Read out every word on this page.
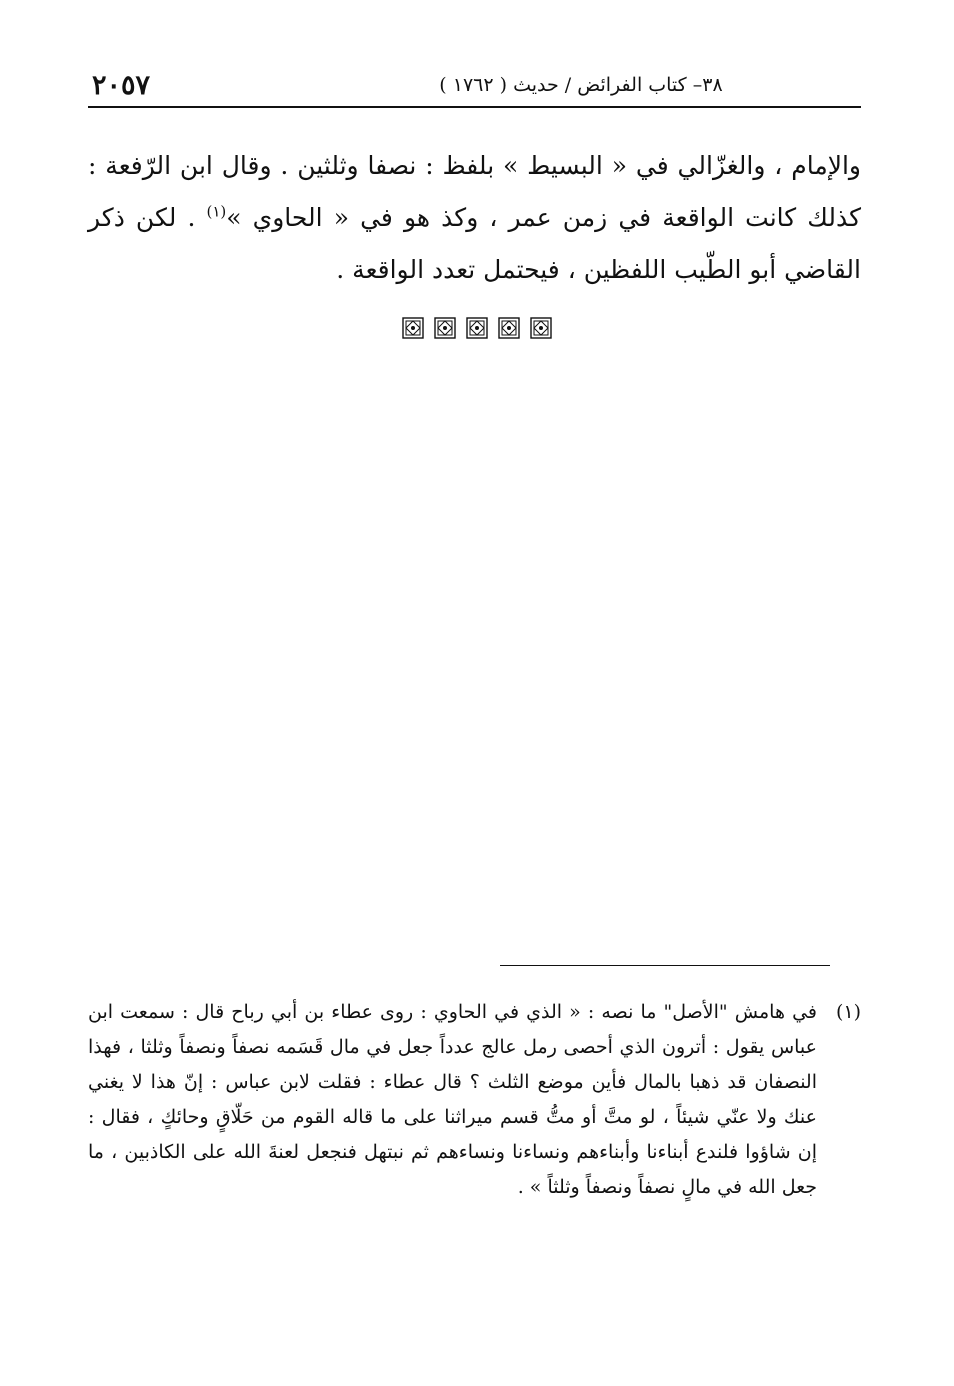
٢٠٥٧	٣٨– كتاب الفرائض / حديث ( ١٧٦٢ )

والإمام ، والغزّالي في « البسيط » بلفظ : نصفا وثلثين . وقال ابن الرّفعة : كذلك كانت الواقعة في زمن عمر ، وكذ هو في « الحاوي »$^{(١)}$ . لكن ذكر القاضي أبو الطّيب اللفظين ، فيحتمل تعدد الواقعة .

(١)

في هامش "الأصل" ما نصه : « الذي في الحاوي : روى عطاء بن أبي رباح قال : سمعت ابن عباس يقول : أترون الذي أحصى رمل عالج عدداً جعل في مال قَسَمه نصفاً ونصفاً وثلثا ، فهذا النصفان قد ذهبا بالمال فأين موضع الثلث ؟ قال عطاء : فقلت لابن عباس : إنّ هذا لا يغني عنك ولا عنّي شيئاً ، لو متَّ أو متُّ قسم ميراثنا على ما قاله القوم من حَلّاقٍ وحائكٍ ، فقال : إن شاؤوا فلندع أبناءنا وأبناءهم ونساءنا ونساءهم ثم نبتهل فنجعل لعنةَ الله على الكاذبين ، ما جعل الله في مالٍ نصفاً ونصفاً وثلثاً » .
